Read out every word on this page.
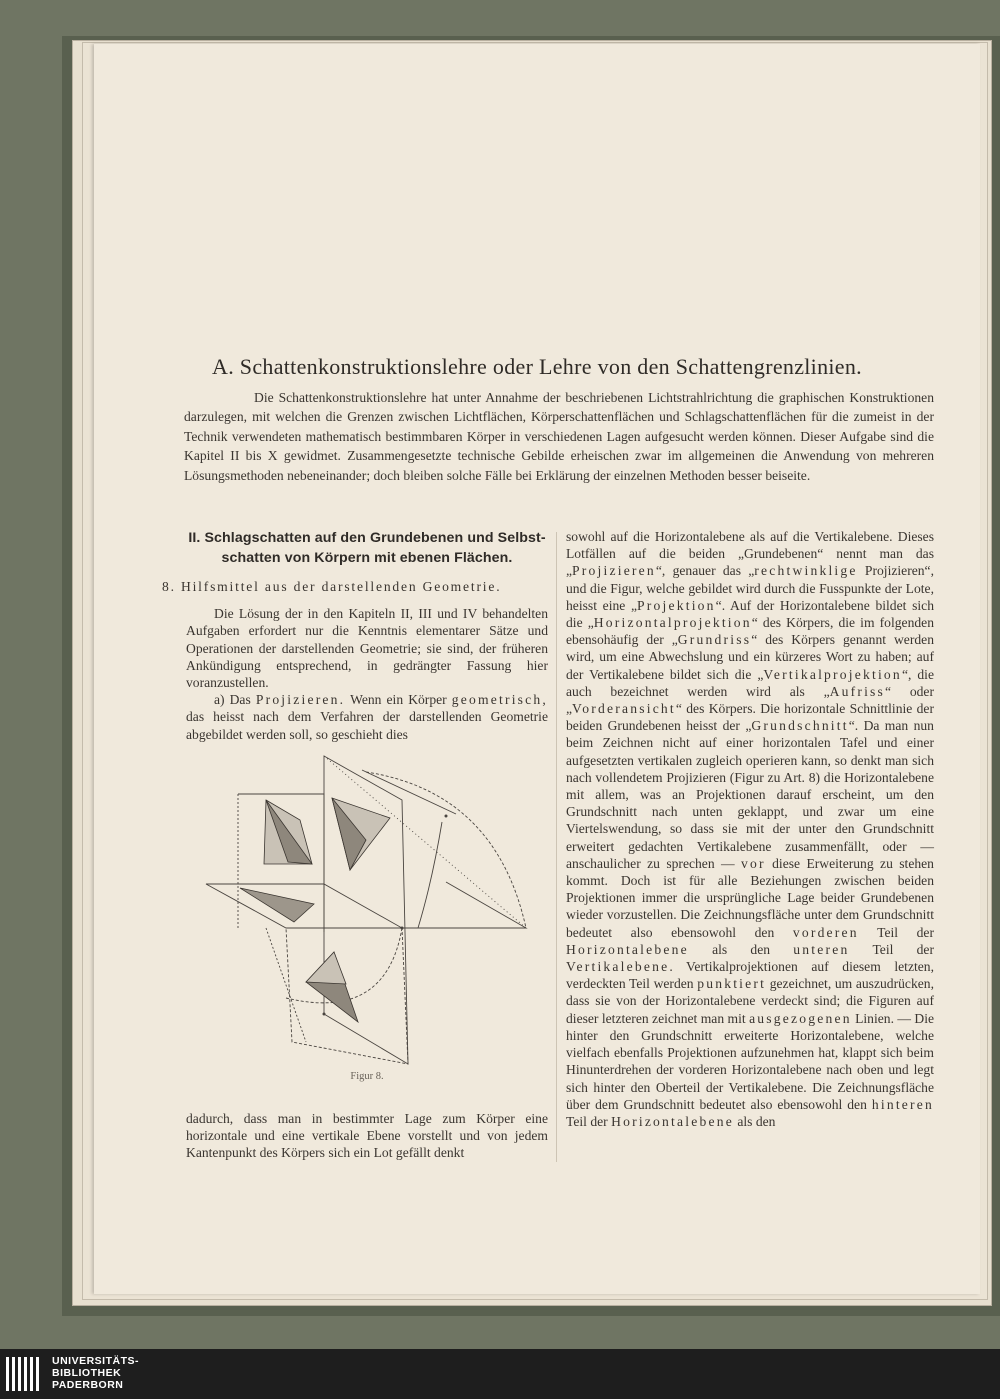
A. Schattenkonstruktionslehre oder Lehre von den Schattengrenzlinien.

Die Schattenkonstruktionslehre hat unter Annahme der beschriebenen Lichtstrahlrichtung die graphischen Konstruktionen darzulegen, mit welchen die Grenzen zwischen Lichtflächen, Körperschattenflächen und Schlagschattenflächen für die zumeist in der Technik verwendeten mathematisch bestimmbaren Körper in verschiedenen Lagen aufgesucht werden können. Dieser Aufgabe sind die Kapitel II bis X gewidmet. Zusammengesetzte technische Gebilde erheischen zwar im allgemeinen die Anwendung von mehreren Lösungsmethoden nebeneinander; doch bleiben solche Fälle bei Erklärung der einzelnen Methoden besser beiseite.

II. Schlagschatten auf den Grundebenen und Selbst-
schatten von Körpern mit ebenen Flächen.
8. Hilfsmittel aus der darstellenden Geometrie.

Die Lösung der in den Kapiteln II, III und IV behandelten Aufgaben erfordert nur die Kenntnis elementarer Sätze und Operationen der darstellenden Geometrie; sie sind, der früheren Ankündigung entsprechend, in gedrängter Fassung hier voranzustellen.

a) Das Projizieren. Wenn ein Körper geometrisch, das heisst nach dem Verfahren der darstellenden Geometrie abgebildet werden soll, so geschieht dies

Figur 8.

dadurch, dass man in bestimmter Lage zum Körper eine horizontale und eine vertikale Ebene vorstellt und von jedem Kantenpunkt des Körpers sich ein Lot gefällt denkt

sowohl auf die Horizontalebene als auf die Vertikalebene. Dieses Lotfällen auf die beiden „Grundebenen“ nennt man das „Projizieren“, genauer das „rechtwinklige Projizieren“, und die Figur, welche gebildet wird durch die Fusspunkte der Lote, heisst eine „Projektion“. Auf der Horizontalebene bildet sich die „Horizontalprojektion“ des Körpers, die im folgenden ebensohäufig der „Grundriss“ des Körpers genannt werden wird, um eine Abwechslung und ein kürzeres Wort zu haben; auf der Vertikalebene bildet sich die „Vertikalprojektion“, die auch bezeichnet werden wird als „Aufriss“ oder „Vorderansicht“ des Körpers. Die horizontale Schnittlinie der beiden Grundebenen heisst der „Grundschnitt“. Da man nun beim Zeichnen nicht auf einer horizontalen Tafel und einer aufgesetzten vertikalen zugleich operieren kann, so denkt man sich nach vollendetem Projizieren (Figur zu Art. 8) die Horizontalebene mit allem, was an Projektionen darauf erscheint, um den Grundschnitt nach unten geklappt, und zwar um eine Viertelswendung, so dass sie mit der unter den Grundschnitt erweitert gedachten Vertikalebene zusammenfällt, oder — anschaulicher zu sprechen — vor diese Erweiterung zu stehen kommt. Doch ist für alle Beziehungen zwischen beiden Projektionen immer die ursprüngliche Lage beider Grundebenen wieder vorzustellen. Die Zeichnungsfläche unter dem Grundschnitt bedeutet also ebensowohl den vorderen Teil der Horizontalebene als den unteren Teil der Vertikalebene. Vertikalprojektionen auf diesem letzten, verdeckten Teil werden punktiert gezeichnet, um auszudrücken, dass sie von der Horizontalebene verdeckt sind; die Figuren auf dieser letzteren zeichnet man mit ausgezogenen Linien. — Die hinter den Grundschnitt erweiterte Horizontalebene, welche vielfach ebenfalls Projektionen aufzunehmen hat, klappt sich beim Hinunterdrehen der vorderen Horizontalebene nach oben und legt sich hinter den Oberteil der Vertikalebene. Die Zeichnungsfläche über dem Grundschnitt bedeutet also ebensowohl den hinteren Teil der Horizontalebene als den

UNIVERSITÄTS-
BIBLIOTHEK
PADERBORN
